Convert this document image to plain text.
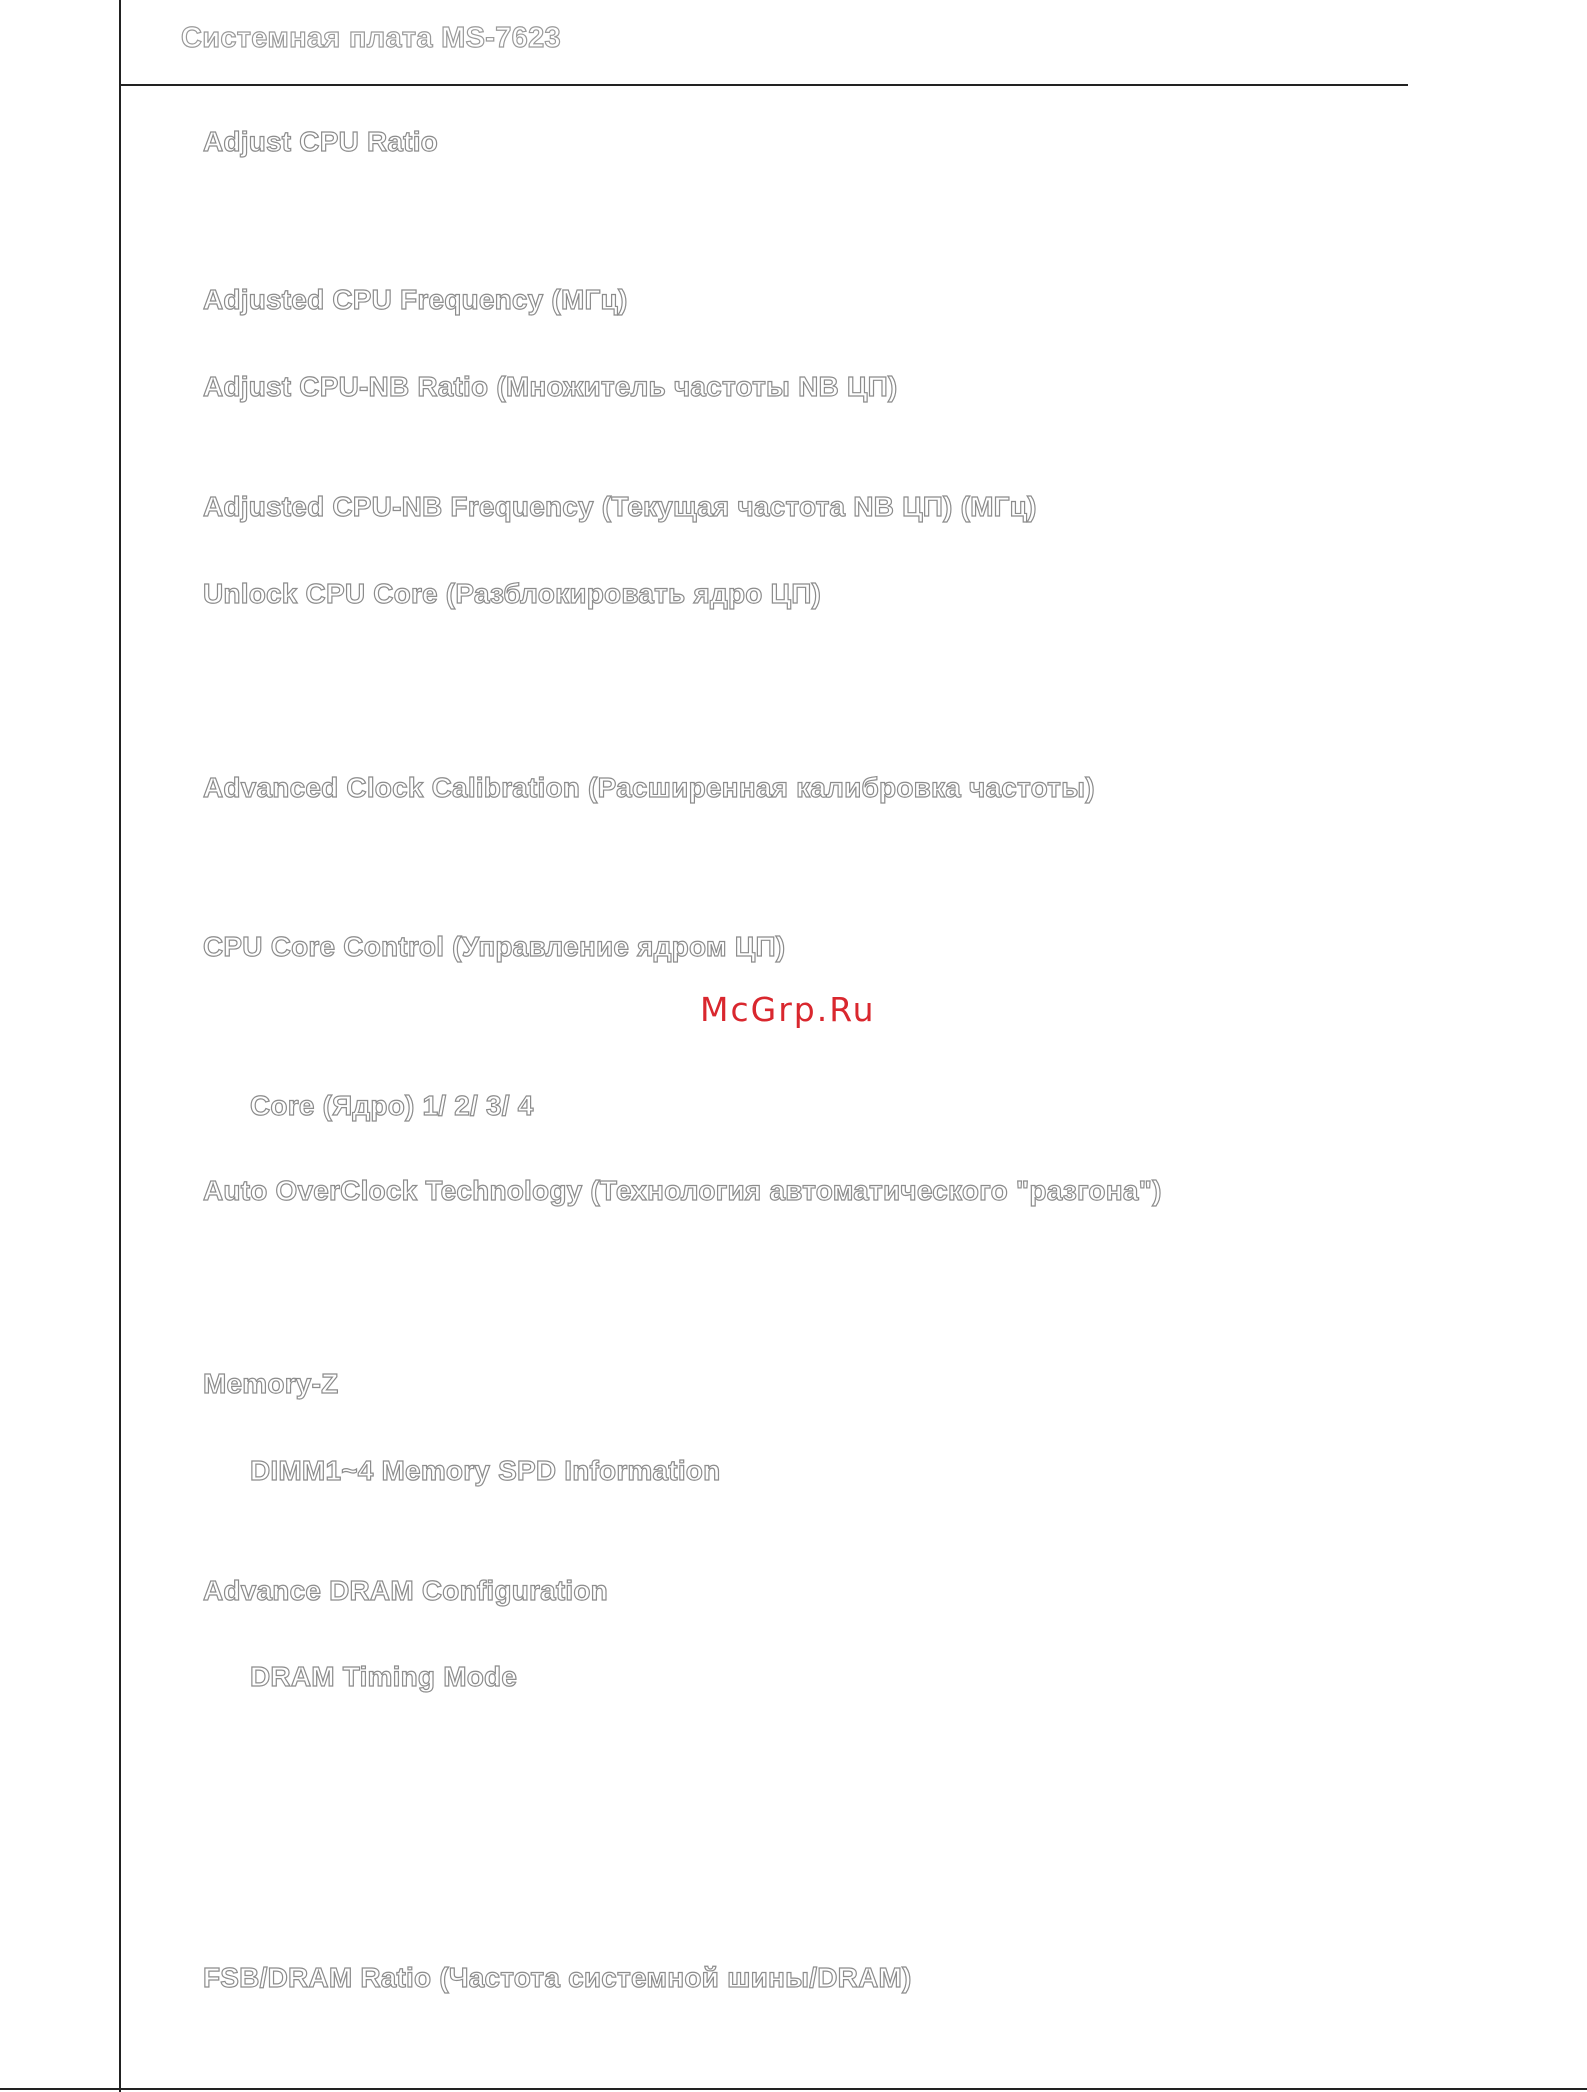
Системная плата MS-7623
Adjust CPU Ratio
Adjusted CPU Frequency (МГц)
Adjust CPU-NB Ratio (Множитель частоты NB ЦП)
Adjusted CPU-NB Frequency (Текущая частота NB ЦП) (МГц)
Unlock CPU Core (Разблокировать ядро ЦП)
Advanced Clock Calibration (Расширенная калибровка частоты)
CPU Core Control (Управление ядром ЦП)
McGrp.Ru
Core (Ядро) 1/ 2/ 3/ 4
Auto OverClock Technology (Технология автоматического "разгона")
Memory-Z
DIMM1~4 Memory SPD Information
Advance DRAM Configuration
DRAM Timing Mode
FSB/DRAM Ratio (Частота системной шины/DRAM)
